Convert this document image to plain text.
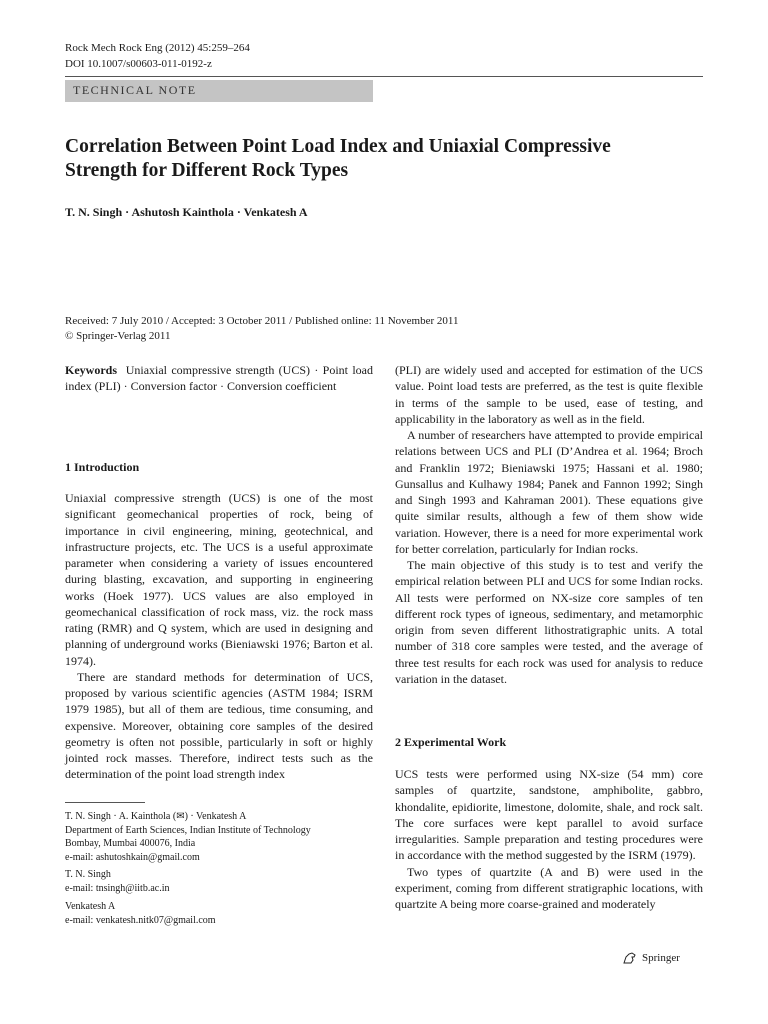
Rock Mech Rock Eng (2012) 45:259–264
DOI 10.1007/s00603-011-0192-z
TECHNICAL NOTE
Correlation Between Point Load Index and Uniaxial Compressive
Strength for Different Rock Types
T. N. Singh · Ashutosh Kainthola · Venkatesh A
Received: 7 July 2010 / Accepted: 3 October 2011 / Published online: 11 November 2011
© Springer-Verlag 2011

Keywords Uniaxial compressive strength (UCS) · Point load index (PLI) · Conversion factor · Conversion coefficient

1 Introduction

Uniaxial compressive strength (UCS) is one of the most significant geomechanical properties of rock, being of importance in civil engineering, mining, geotechnical, and infrastructure projects, etc. The UCS is a useful approximate parameter when considering a variety of issues encountered during blasting, excavation, and supporting in engineering works (Hoek 1977). UCS values are also employed in geomechanical classification of rock mass, viz. the rock mass rating (RMR) and Q system, which are used in designing and planning of underground works (Bieniawski 1976; Barton et al. 1974).

There are standard methods for determination of UCS, proposed by various scientific agencies (ASTM 1984; ISRM 1979 1985), but all of them are tedious, time consuming, and expensive. Moreover, obtaining core samples of the desired geometry is often not possible, particularly in soft or highly jointed rock masses. Therefore, indirect tests such as the determination of the point load strength index

T. N. Singh · A. Kainthola (✉) · Venkatesh A

Department of Earth Sciences, Indian Institute of Technology

Bombay, Mumbai 400076, India

e-mail: ashutoshkain@gmail.com

T. N. Singh

e-mail: tnsingh@iitb.ac.in

Venkatesh A

e-mail: venkatesh.nitk07@gmail.com

(PLI) are widely used and accepted for estimation of the UCS value. Point load tests are preferred, as the test is quite flexible in terms of the sample to be used, ease of testing, and applicability in the laboratory as well as in the field.

A number of researchers have attempted to provide empirical relations between UCS and PLI (D’Andrea et al. 1964; Broch and Franklin 1972; Bieniawski 1975; Hassani et al. 1980; Gunsallus and Kulhawy 1984; Panek and Fannon 1992; Singh and Singh 1993 and Kahraman 2001). These equations give quite similar results, although a few of them show wide variation. However, there is a need for more experimental work for better correlation, particularly for Indian rocks.

The main objective of this study is to test and verify the empirical relation between PLI and UCS for some Indian rocks. All tests were performed on NX-size core samples of ten different rock types of igneous, sedimentary, and metamorphic origin from seven different lithostratigraphic units. A total number of 318 core samples were tested, and the average of three test results for each rock was used for analysis to reduce variation in the dataset.

2 Experimental Work

UCS tests were performed using NX-size (54 mm) core samples of quartzite, sandstone, amphibolite, gabbro, khondalite, epidiorite, limestone, dolomite, shale, and rock salt. The core surfaces were kept parallel to avoid surface irregularities. Sample preparation and testing procedures were in accordance with the method suggested by the ISRM (1979).

Two types of quartzite (A and B) were used in the experiment, coming from different stratigraphic locations, with quartzite A being more coarse-grained and moderately

Springer
